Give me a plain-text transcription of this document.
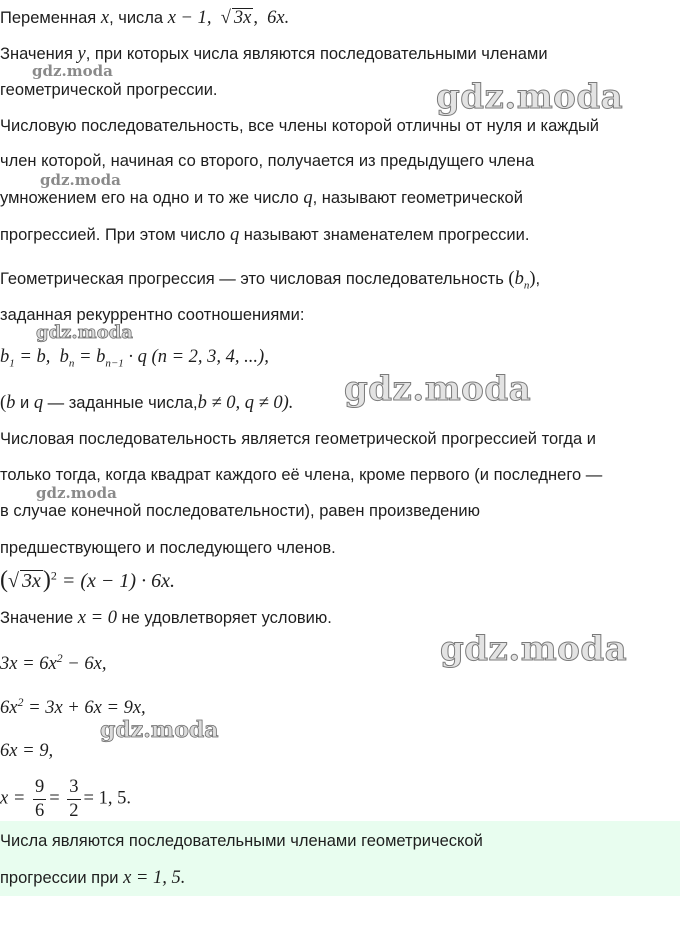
Переменная x, числа x − 1, √ 3x , 6x.
Значения y, при которых числа являются последовательными членами
геометрической прогрессии.
Числовую последовательность, все члены которой отличны от нуля и каждый
член которой, начиная со второго, получается из предыдущего члена
умножением его на одно и то же число q, называют геометрической
прогрессией. При этом число q называют знаменателем прогрессии.
Геометрическая прогрессия — это числовая последовательность $(b_n)$,
заданная рекуррентно соотношениями:
$b_1 = b$,  $b_n = b_{n-1} \cdot q$ (n = 2, 3, 4, ...),
(b и q — заданные числа,b ≠ 0, q ≠ 0).
Числовая последовательность является геометрической прогрессией тогда и
только тогда, когда квадрат каждого её члена, кроме первого (и последнего —
в случае конечной последовательности), равен произведению
предшествующего и последующего членов.
(√ 3x)$^2$ = (x − 1) · 6x.
Значение x = 0 не удовлетворяет условию.
$3x = 6x^2 - 6x$,
$6x^2 = 3x + 6x = 9x$,
6x = 9,
$x = \frac{9}{6} = \frac{3}{2} = 1$, 5.
Числа являются последовательными членами геометрической
прогрессии при x = 1, 5.
gdz.moda
gdz.moda
gdz.moda
gdz.moda
gdz.moda
gdz.moda
gdz.moda
gdz.moda
